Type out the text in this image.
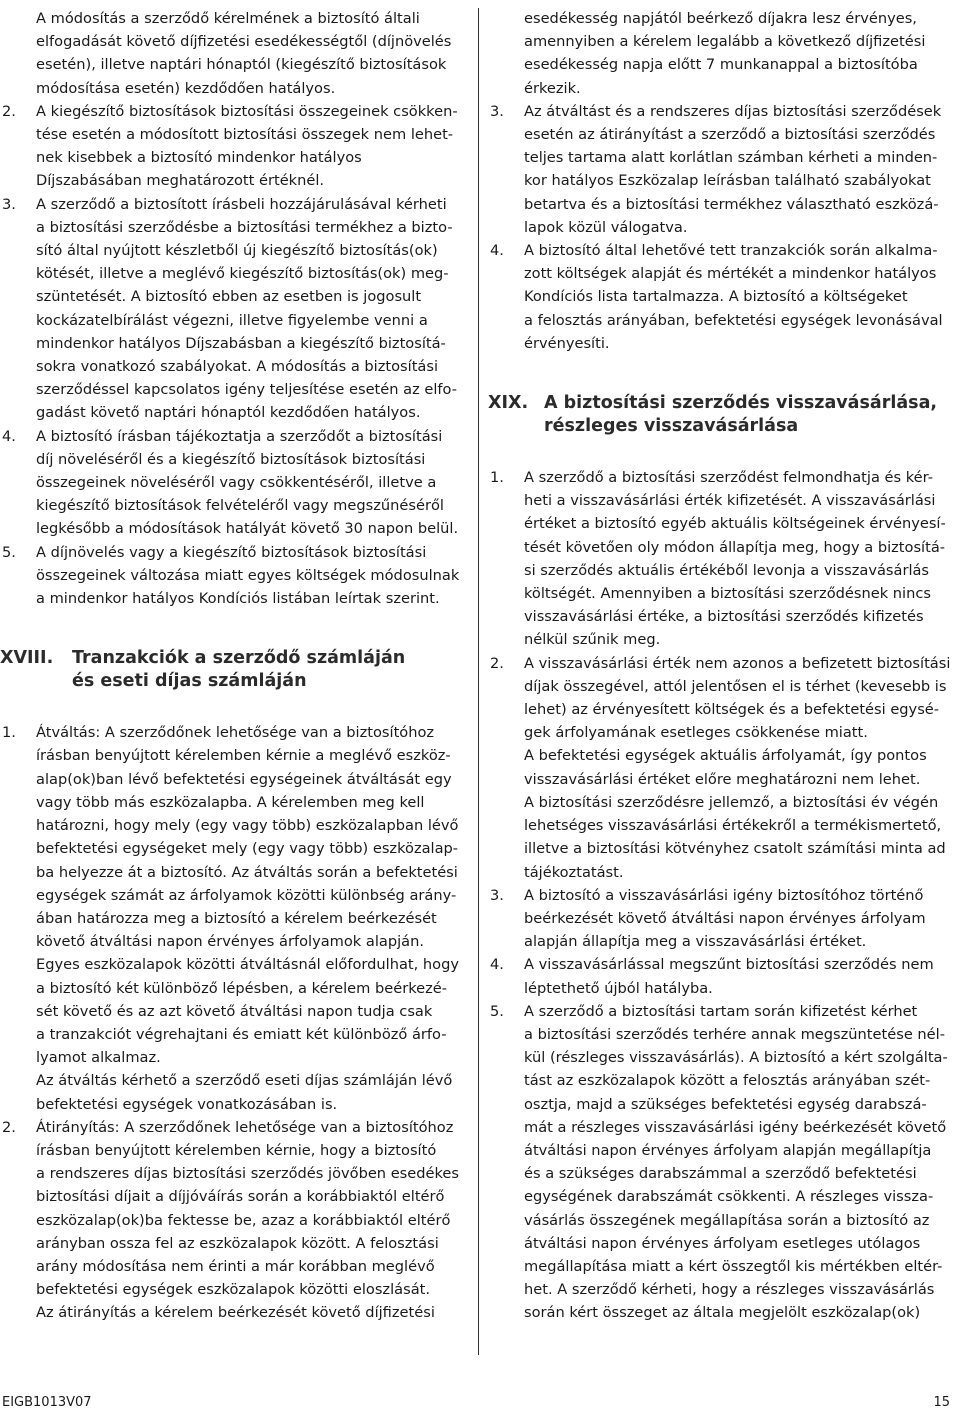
A módosítás a szerződő kérelmének a biztosító általi
elfogadását követő díjfizetési esedékességtől (díjnövelés
esetén), illetve naptári hónaptól (kiegészítő biztosítások
módosítása esetén) kezdődően hatályos.

2.	A kiegészítő biztosítások biztosítási összegeinek csökken-
tése esetén a módosított biztosítási összegek nem lehet-
nek kisebbek a biztosító mindenkor hatályos
Díjszabásában meghatározott értéknél.

3.	A szerződő a biztosított írásbeli hozzájárulásával kérheti
a biztosítási szerződésbe a biztosítási termékhez a bizto-
sító által nyújtott készletből új kiegészítő biztosítás(ok)
kötését, illetve a meglévő kiegészítő biztosítás(ok) meg-
szüntetését. A biztosító ebben az esetben is jogosult
kockázatelbírálást végezni, illetve figyelembe venni a
mindenkor hatályos Díjszabásban a kiegészítő biztosítá-
sokra vonatkozó szabályokat. A módosítás a biztosítási
szerződéssel kapcsolatos igény teljesítése esetén az elfo-
gadást követő naptári hónaptól kezdődően hatályos.

4.	A biztosító írásban tájékoztatja a szerződőt a biztosítási
díj növeléséről és a kiegészítő biztosítások biztosítási
összegeinek növeléséről vagy csökkentéséről, illetve a
kiegészítő biztosítások felvételéről vagy megszűnéséről
legkésőbb a módosítások hatályát követő 30 napon belül.

5.	A díjnövelés vagy a kiegészítő biztosítások biztosítási
összegeinek változása miatt egyes költségek módosulnak
a mindenkor hatályos Kondíciós listában leírtak szerint.

XVIII.	Tranzakciók a szerződő számláján
és eseti díjas számláján
1.	Átváltás: A szerződőnek lehetősége van a biztosítóhoz
írásban benyújtott kérelemben kérnie a meglévő eszköz-
alap(ok)ban lévő befektetési egységeinek átváltását egy
vagy több más eszközalapba. A kérelemben meg kell
határozni, hogy mely (egy vagy több) eszközalapban lévő
befektetési egységeket mely (egy vagy több) eszközalap-
ba helyezze át a biztosító. Az átváltás során a befektetési
egységek számát az árfolyamok közötti különbség arány-
ában határozza meg a biztosító a kérelem beérkezését
követő átváltási napon érvényes árfolyamok alapján.
Egyes eszközalapok közötti átváltásnál előfordulhat, hogy
a biztosító két különböző lépésben, a kérelem beérkezé-
sét követő és az azt követő átváltási napon tudja csak
a tranzakciót végrehajtani és emiatt két különböző árfo-
lyamot alkalmaz.
Az átváltás kérhető a szerződő eseti díjas számláján lévő
befektetési egységek vonatkozásában is.

2.	Átirányítás: A szerződőnek lehetősége van a biztosítóhoz
írásban benyújtott kérelemben kérnie, hogy a biztosító
a rendszeres díjas biztosítási szerződés jövőben esedékes
biztosítási díjait a díjjóváírás során a korábbiaktól eltérő
eszközalap(ok)ba fektesse be, azaz a korábbiaktól eltérő
arányban ossza fel az eszközalapok között. A felosztási
arány módosítása nem érinti a már korábban meglévő
befektetési egységek eszközalapok közötti eloszlását.
Az átirányítás a kérelem beérkezését követő díjfizetési

esedékesség napjától beérkező díjakra lesz érvényes,
amennyiben a kérelem legalább a következő díjfizetési
esedékesség napja előtt 7 munkanappal a biztosítóba
érkezik.

3.	Az átváltást és a rendszeres díjas biztosítási szerződések
esetén az átirányítást a szerződő a biztosítási szerződés
teljes tartama alatt korlátlan számban kérheti a minden-
kor hatályos Eszközalap leírásban található szabályokat
betartva és a biztosítási termékhez választható eszközá-
lapok közül válogatva.

4.	A biztosító által lehetővé tett tranzakciók során alkalma-
zott költségek alapját és mértékét a mindenkor hatályos
Kondíciós lista tartalmazza. A biztosító a költségeket
a felosztás arányában, befektetési egységek levonásával
érvényesíti.

XIX. A biztosítási szerződés visszavásárlása,
részleges visszavásárlása
1.	A szerződő a biztosítási szerződést felmondhatja és kér-
heti a visszavásárlási érték kifizetését. A visszavásárlási
értéket a biztosító egyéb aktuális költségeinek érvényesí-
tését követően oly módon állapítja meg, hogy a biztosítá-
si szerződés aktuális értékéből levonja a visszavásárlás
költségét. Amennyiben a biztosítási szerződésnek nincs
visszavásárlási értéke, a biztosítási szerződés kifizetés
nélkül szűnik meg.

2.	A visszavásárlási érték nem azonos a befizetett biztosítási
díjak összegével, attól jelentősen el is térhet (kevesebb is
lehet) az érvényesített költségek és a befektetési egysé-
gek árfolyamának esetleges csökkenése miatt.
A befektetési egységek aktuális árfolyamát, így pontos
visszavásárlási értéket előre meghatározni nem lehet.
A biztosítási szerződésre jellemző, a biztosítási év végén
lehetséges visszavásárlási értékekről a termékismertető,
illetve a biztosítási kötvényhez csatolt számítási minta ad
tájékoztatást.

3.	A biztosító a visszavásárlási igény biztosítóhoz történő
beérkezését követő átváltási napon érvényes árfolyam
alapján állapítja meg a visszavásárlási értéket.

4.	A visszavásárlással megszűnt biztosítási szerződés nem
léptethető újból hatályba.

5.	A szerződő a biztosítási tartam során kifizetést kérhet
a biztosítási szerződés terhére annak megszüntetése nél-
kül (részleges visszavásárlás). A biztosító a kért szolgálta-
tást az eszközalapok között a felosztás arányában szét-
osztja, majd a szükséges befektetési egység darabszá-
mát a részleges visszavásárlási igény beérkezését követő
átváltási napon érvényes árfolyam alapján megállapítja
és a szükséges darabszámmal a szerződő befektetési
egységének darabszámát csökkenti. A részleges vissza-
vásárlás összegének megállapítása során a biztosító az
átváltási napon érvényes árfolyam esetleges utólagos
megállapítása miatt a kért összegtől kis mértékben eltér-
het. A szerződő kérheti, hogy a részleges visszavásárlás
során kért összeget az általa megjelölt eszközalap(ok)

EIGB1013V07	15
